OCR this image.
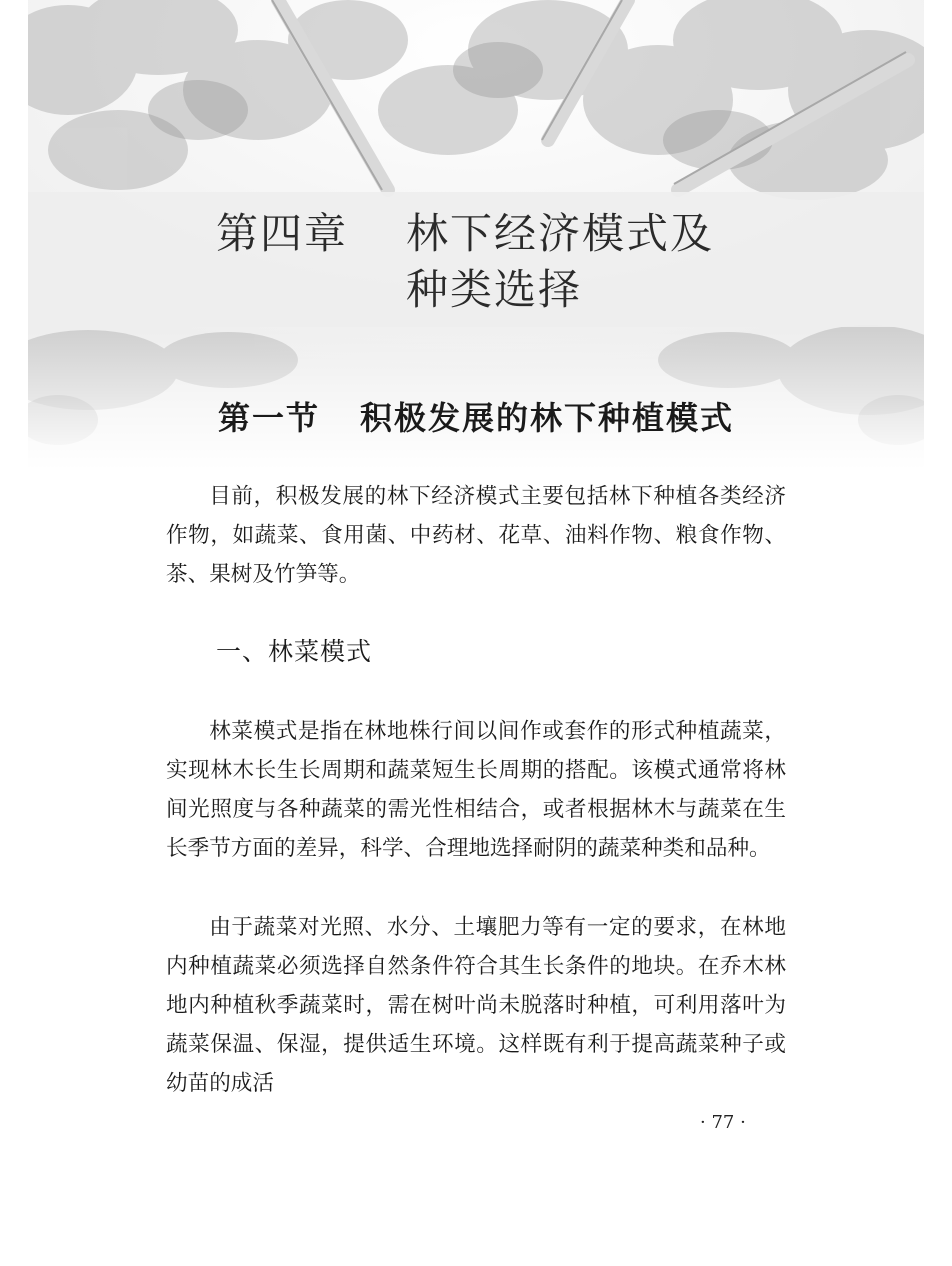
第四章 林下经济模式及
种类选择
第一节 积极发展的林下种植模式

目前，积极发展的林下经济模式主要包括林下种植各类经济作物，如蔬菜、食用菌、中药材、花草、油料作物、粮食作物、茶、果树及竹笋等。

一、林菜模式

林菜模式是指在林地株行间以间作或套作的形式种植蔬菜，实现林木长生长周期和蔬菜短生长周期的搭配。该模式通常将林间光照度与各种蔬菜的需光性相结合，或者根据林木与蔬菜在生长季节方面的差异，科学、合理地选择耐阴的蔬菜种类和品种。

由于蔬菜对光照、水分、土壤肥力等有一定的要求，在林地内种植蔬菜必须选择自然条件符合其生长条件的地块。在乔木林地内种植秋季蔬菜时，需在树叶尚未脱落时种植，可利用落叶为蔬菜保温、保湿，提供适生环境。这样既有利于提高蔬菜种子或幼苗的成活

· 77 ·
